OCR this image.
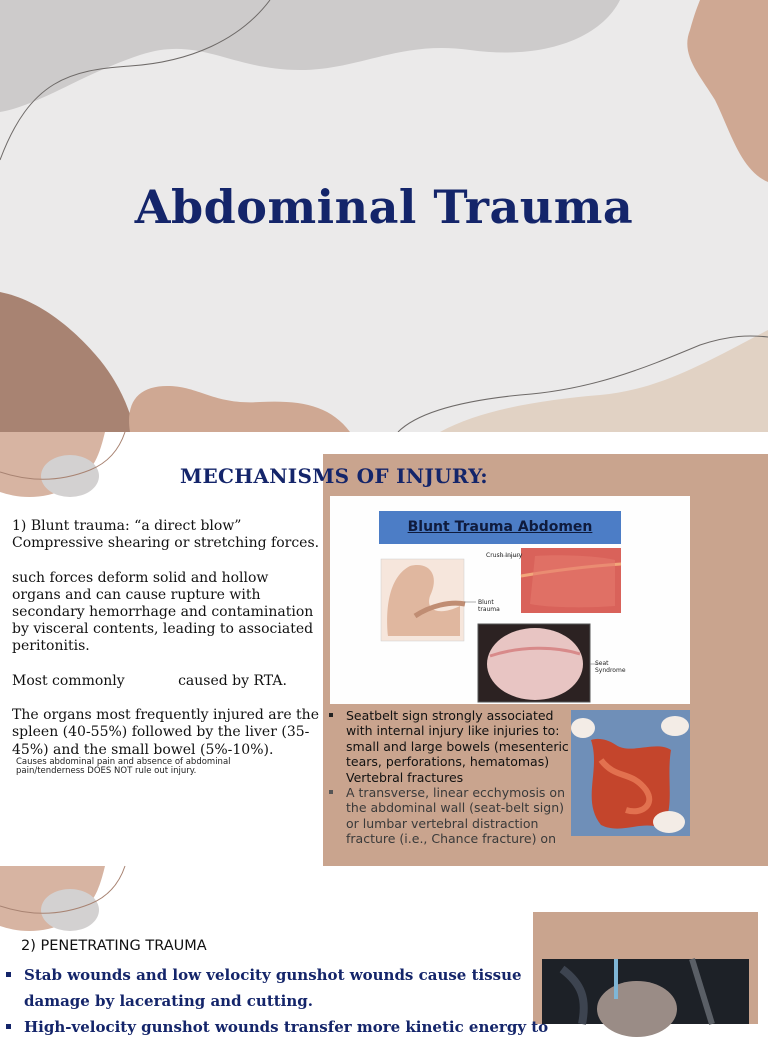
Abdominal Trauma
MECHANISMS OF INJURY:

1) Blunt trauma: “a direct blow” Compressive shearing or stretching forces.

such forces deform solid and hollow organs and can cause rupture with secondary hemorrhage and contamination by visceral contents, leading to associated peritonitis.

Most commonly            caused by RTA.

The organs most frequently injured are the spleen (40-55%) followed by the liver (35-45%) and the small bowel (5%-10%).

Causes abdominal pain and absence of abdominal pain/tenderness DOES NOT rule out injury.
Blunt Trauma Abdomen
Crush Injury
Blunt trauma
Seat Syndrome
Seatbelt sign strongly associated with internal injury like injuries to: small and large bowels (mesenteric tears, perforations, hematomas)
Vertebral fractures
A transverse, linear ecchymosis on the abdominal wall (seat-belt sign) or lumbar vertebral distraction fracture (i.e., Chance fracture) on
2) PENETRATING TRAUMA
Stab wounds and low velocity gunshot wounds cause tissue damage by lacerating and cutting.
High-velocity gunshot wounds transfer more kinetic energy to
